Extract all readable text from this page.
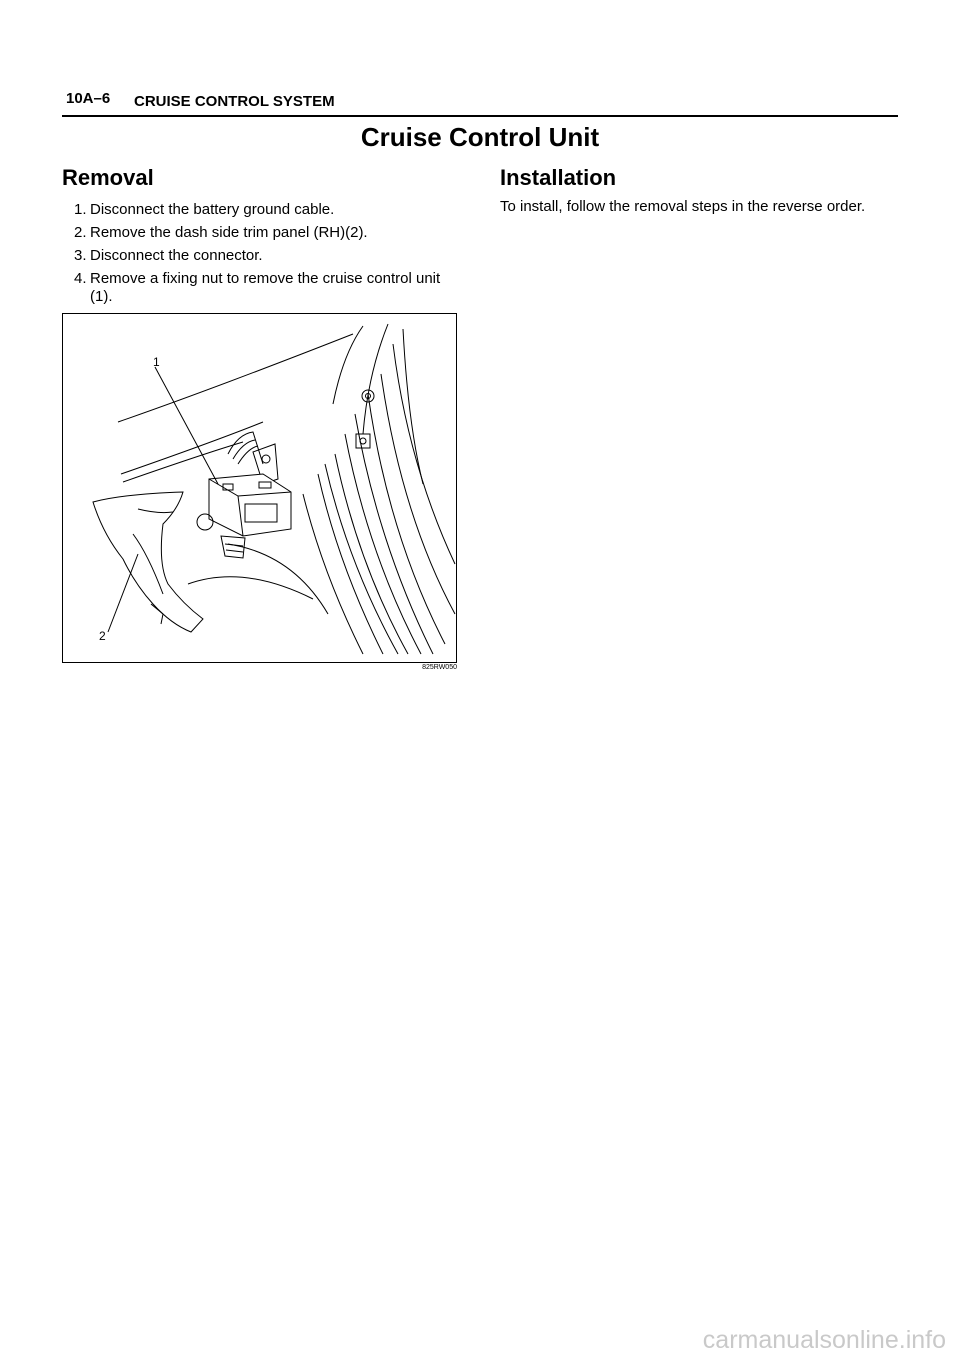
10A–6 CRUISE CONTROL SYSTEM
Cruise Control Unit
Removal
1. Disconnect the battery ground cable.
2. Remove the dash side trim panel (RH)(2).
3. Disconnect the connector.
4. Remove a fixing nut to remove the cruise control unit
(1).
Installation
To install, follow the removal steps in the reverse order.
1
2
825RW050
carmanualsonline.info
